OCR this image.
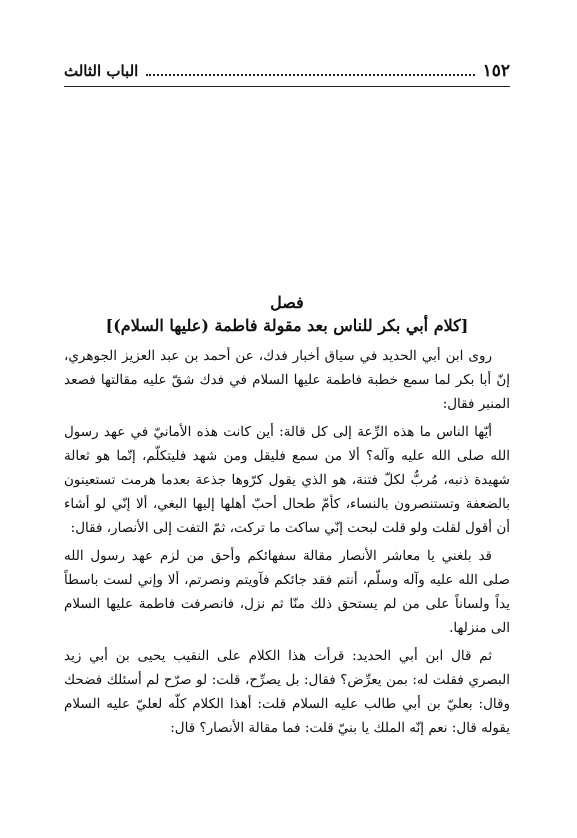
١٥٢
الباب الثالث
فصل
[كلام أبي بكر للناس بعد مقولة فاطمة (عليها السلام)]

روى ابن أبي الحديد في سياق أخبار فدك، عن أحمد بن عبد العزيز الجوهري، إنّ أبا بكر لما سمع خطبة فاطمة عليها السلام في فدك شقّ عليه مقالتها فصعد المنبر فقال:

أيّها الناس ما هذه الرِّعة إلى كل قالة: أين كانت هذه الأمانيّ في عهد رسول الله صلى الله عليه وآله؟ ألا من سمع فليقل ومن شهد فليتكلّم، إنّما هو ثعالة شهيدة ذنبه، مُربٌّ لكلّ فتنة، هو الذي يقول كرّوها جذعة بعدما هرمت تستعينون بالضعفة وتستنصرون بالنساء، كأمّ طحال أحبّ أهلها إليها البغي، ألا إنّي لو أشاء أن أقول لقلت ولو قلت لبحت إنّي ساكت ما تركت، ثمّ التفت إلى الأنصار، فقال:

قد بلغني يا معاشر الأنصار مقالة سفهائكم وأحق من لزم عهد رسول الله صلى الله عليه وآله وسلّم، أنتم فقد جائكم فآويتم ونصرتم، ألا وإني لست باسطاً يداً ولساناً على من لم يستحق ذلك منّا ثم نزل، فانصرفت فاطمة عليها السلام الى منزلها.

ثم قال ابن أبي الحديد: قرأت هذا الكلام على النقيب يحيى بن أبي زيد البصري فقلت له: بمن يعرِّض؟ فقال: بل يصرِّح، قلت: لو صرّح لم أسئلك فضحك وقال: بعليّ بن أبي طالب عليه السلام قلت: أهذا الكلام كلّه لعليّ عليه السلام يقوله قال: نعم إنّه الملك يا بنيّ قلت: فما مقالة الأنصار؟ قال:
